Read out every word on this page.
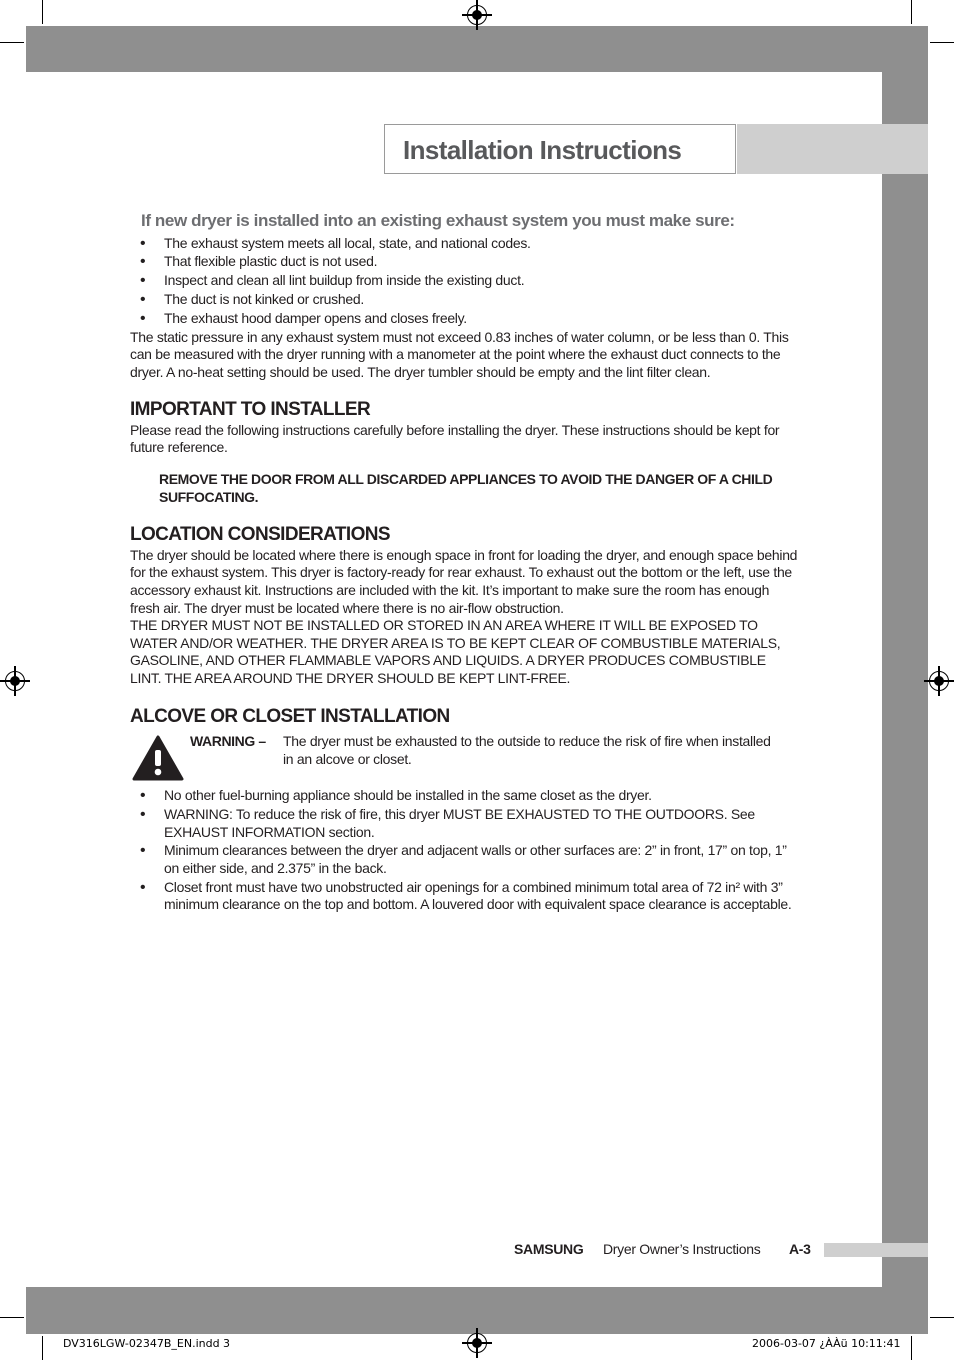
Installation Instructions
If new dryer is installed into an existing exhaust system you must make sure:
• The exhaust system meets all local, state, and national codes.
• That flexible plastic duct is not used.
• Inspect and clean all lint buildup from inside the existing duct.
• The duct is not kinked or crushed.
• The exhaust hood damper opens and closes freely.

The static pressure in any exhaust system must not exceed 0.83 inches of water column, or be less than 0. This can be measured with the dryer running with a manometer at the point where the exhaust duct connects to the dryer. A no-heat setting should be used. The dryer tumbler should be empty and the lint filter clean.

IMPORTANT TO INSTALLER

Please read the following instructions carefully before installing the dryer. These instructions should be kept for future reference.

REMOVE THE DOOR FROM ALL DISCARDED APPLIANCES TO AVOID THE DANGER OF A CHILD SUFFOCATING.

LOCATION CONSIDERATIONS

The dryer should be located where there is enough space in front for loading the dryer, and enough space behind for the exhaust system. This dryer is factory-ready for rear exhaust. To exhaust out the bottom or the left, use the accessory exhaust kit. Instructions are included with the kit. It’s important to make sure the room has enough fresh air. The dryer must be located where there is no air-flow obstruction.

THE DRYER MUST NOT BE INSTALLED OR STORED IN AN AREA WHERE IT WILL BE EXPOSED TO WATER AND/OR WEATHER. THE DRYER AREA IS TO BE KEPT CLEAR OF COMBUSTIBLE MATERIALS, GASOLINE, AND OTHER FLAMMABLE VAPORS AND LIQUIDS. A DRYER PRODUCES COMBUSTIBLE LINT. THE AREA AROUND THE DRYER SHOULD BE KEPT LINT-FREE.

ALCOVE OR CLOSET INSTALLATION
WARNING – The dryer must be exhausted to the outside to reduce the risk of fire when installed in an alcove or closet.
• No other fuel-burning appliance should be installed in the same closet as the dryer.
• WARNING: To reduce the risk of fire, this dryer MUST BE EXHAUSTED TO THE OUTDOORS. See EXHAUST INFORMATION section.
• Minimum clearances between the dryer and adjacent walls or other surfaces are: 2” in front, 17” on top, 1” on either side, and 2.375” in the back.
• Closet front must have two unobstructed air openings for a combined minimum total area of 72 in² with 3” minimum clearance on the top and bottom. A louvered door with equivalent space clearance is acceptable.
SAMSUNG Dryer Owner’s Instructions A-3
DV316LGW-02347B_EN.indd 3	2006-03-07 ¿ÀÀü 10:11:41
